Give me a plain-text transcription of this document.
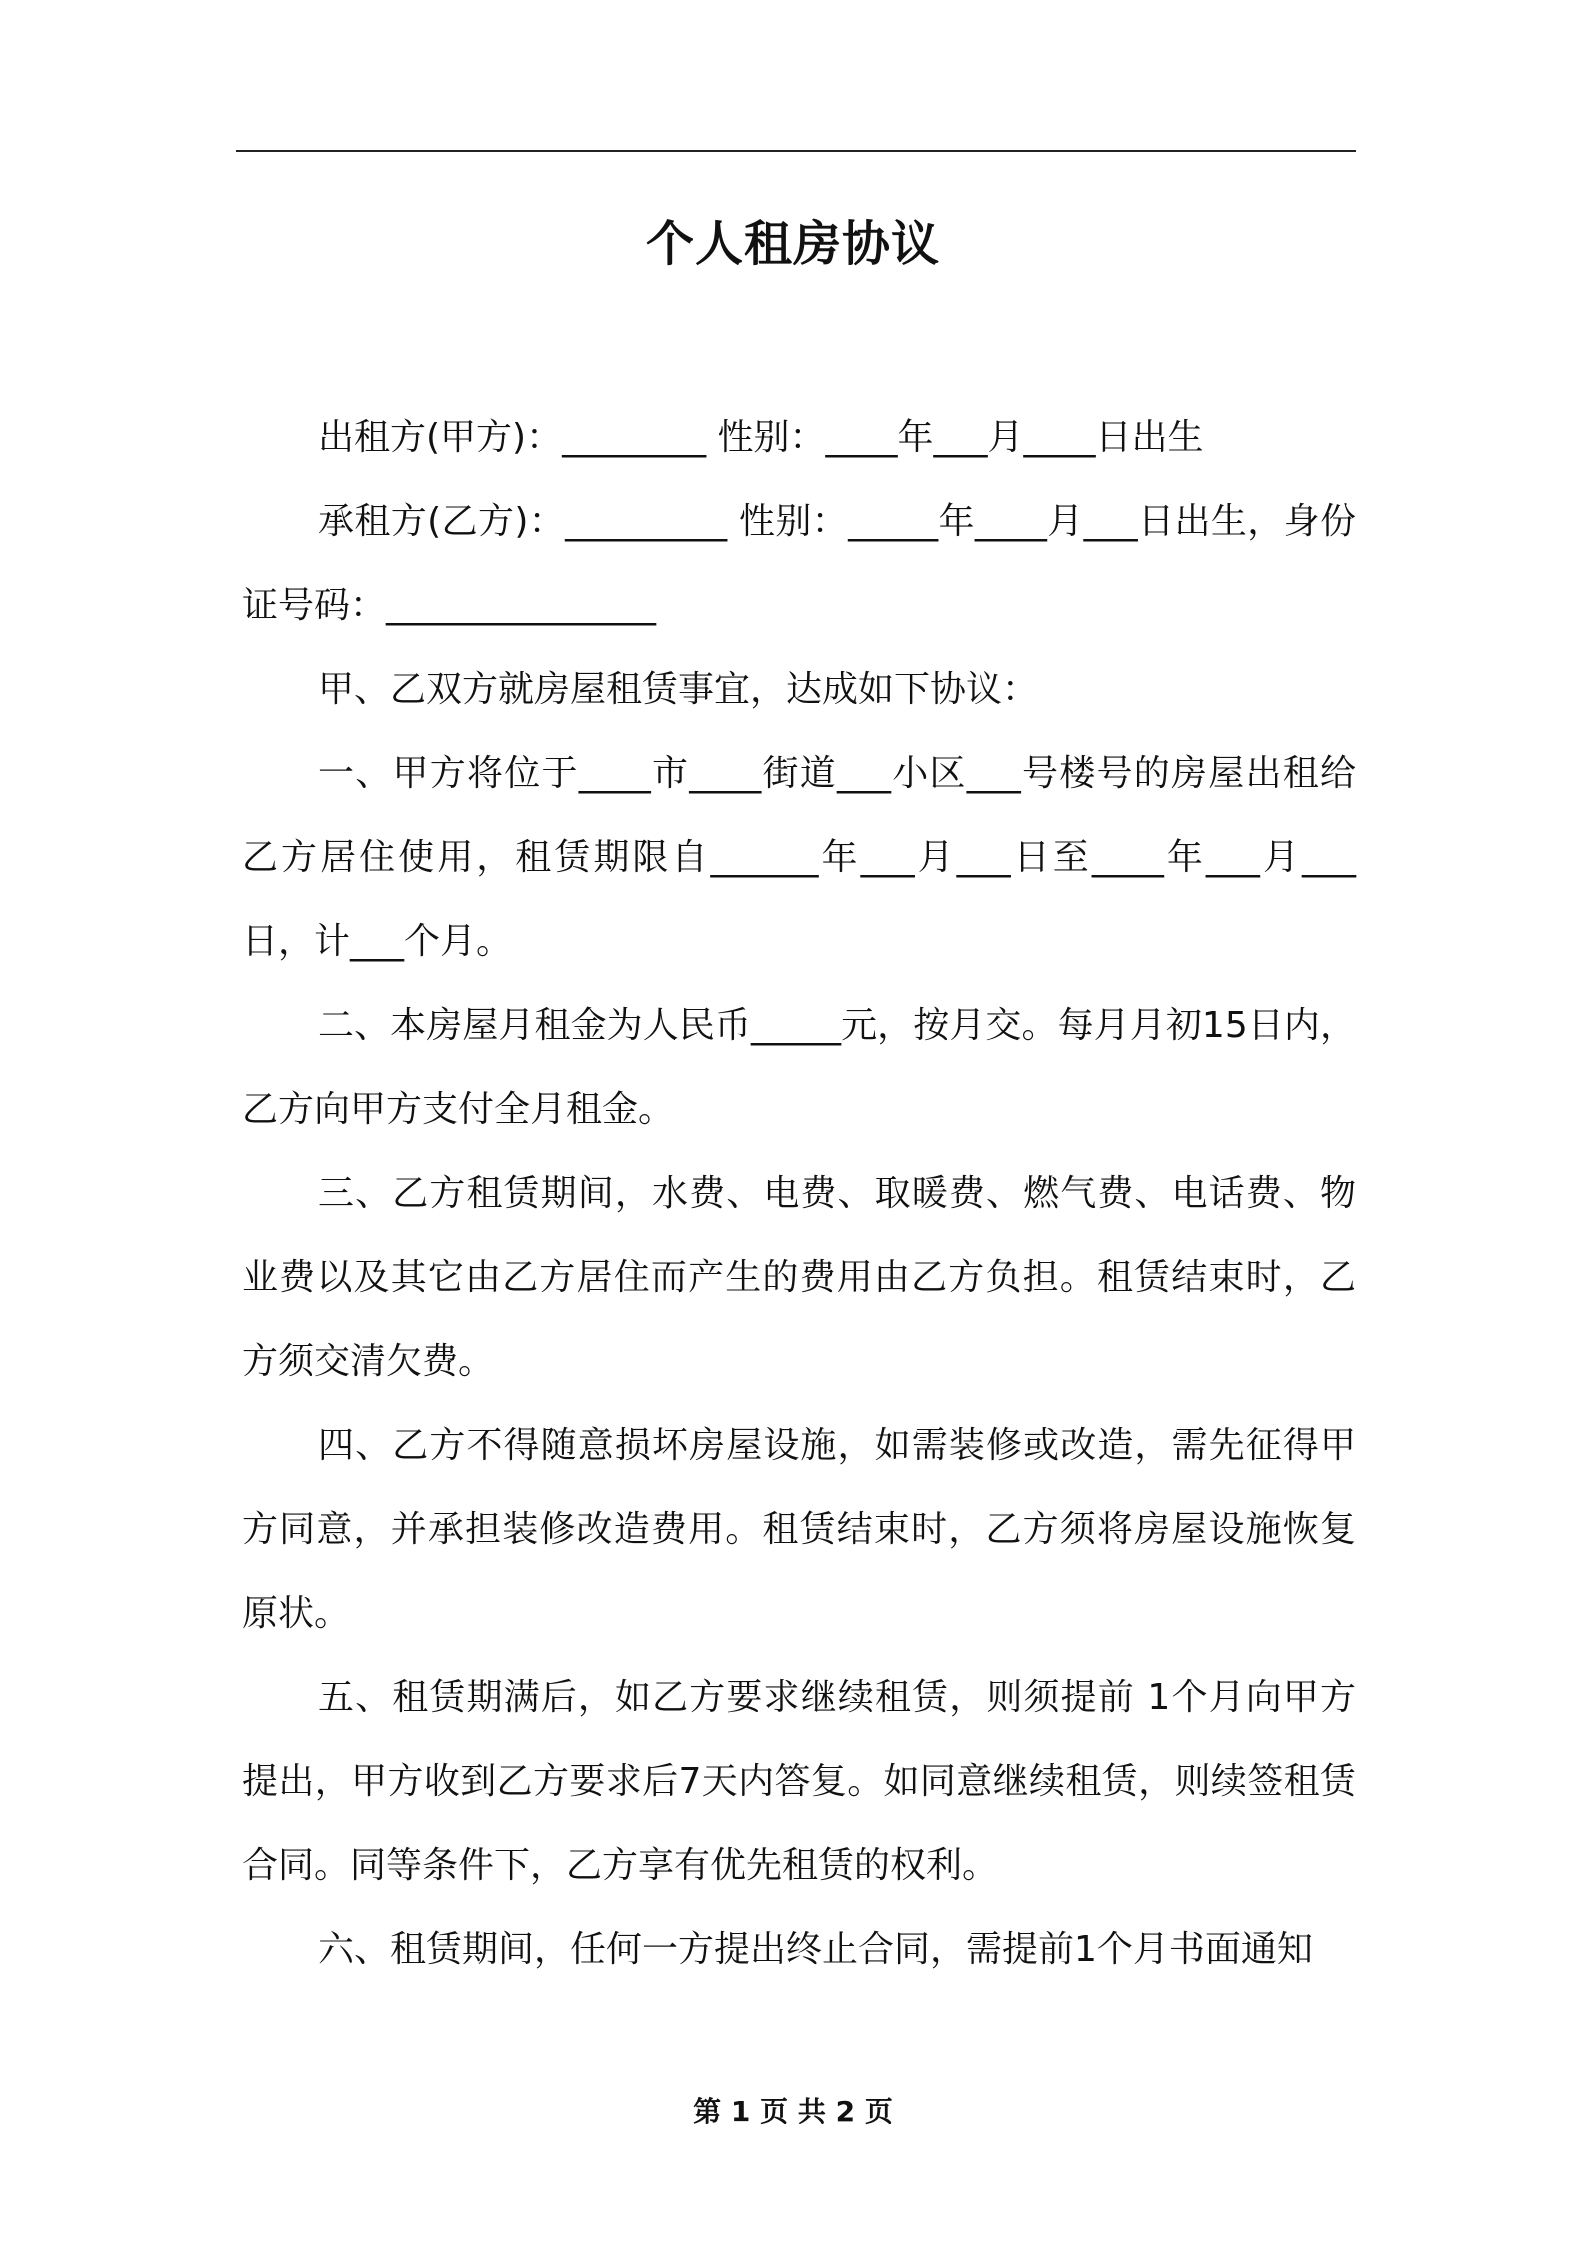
个人租房协议

出租方(甲方)：________ 性别：____年___月____日出生

承租方(乙方)：_________ 性别：_____年____月___日出生，身份证号码：_______________

甲、乙双方就房屋租赁事宜，达成如下协议：

一、甲方将位于____市____街道___小区___号楼号的房屋出租给乙方居住使用，租赁期限自______年___月___日至____年___月___日，计___个月。

二、本房屋月租金为人民币_____元，按月交。每月月初15日内，乙方向甲方支付全月租金。

三、乙方租赁期间，水费、电费、取暖费、燃气费、电话费、物业费以及其它由乙方居住而产生的费用由乙方负担。租赁结束时，乙方须交清欠费。

四、乙方不得随意损坏房屋设施，如需装修或改造，需先征得甲方同意，并承担装修改造费用。租赁结束时，乙方须将房屋设施恢复原状。

五、租赁期满后，如乙方要求继续租赁，则须提前 1个月向甲方提出，甲方收到乙方要求后7天内答复。如同意继续租赁，则续签租赁合同。同等条件下，乙方享有优先租赁的权利。

六、租赁期间，任何一方提出终止合同，需提前1个月书面通知

第 1 页 共 2 页
